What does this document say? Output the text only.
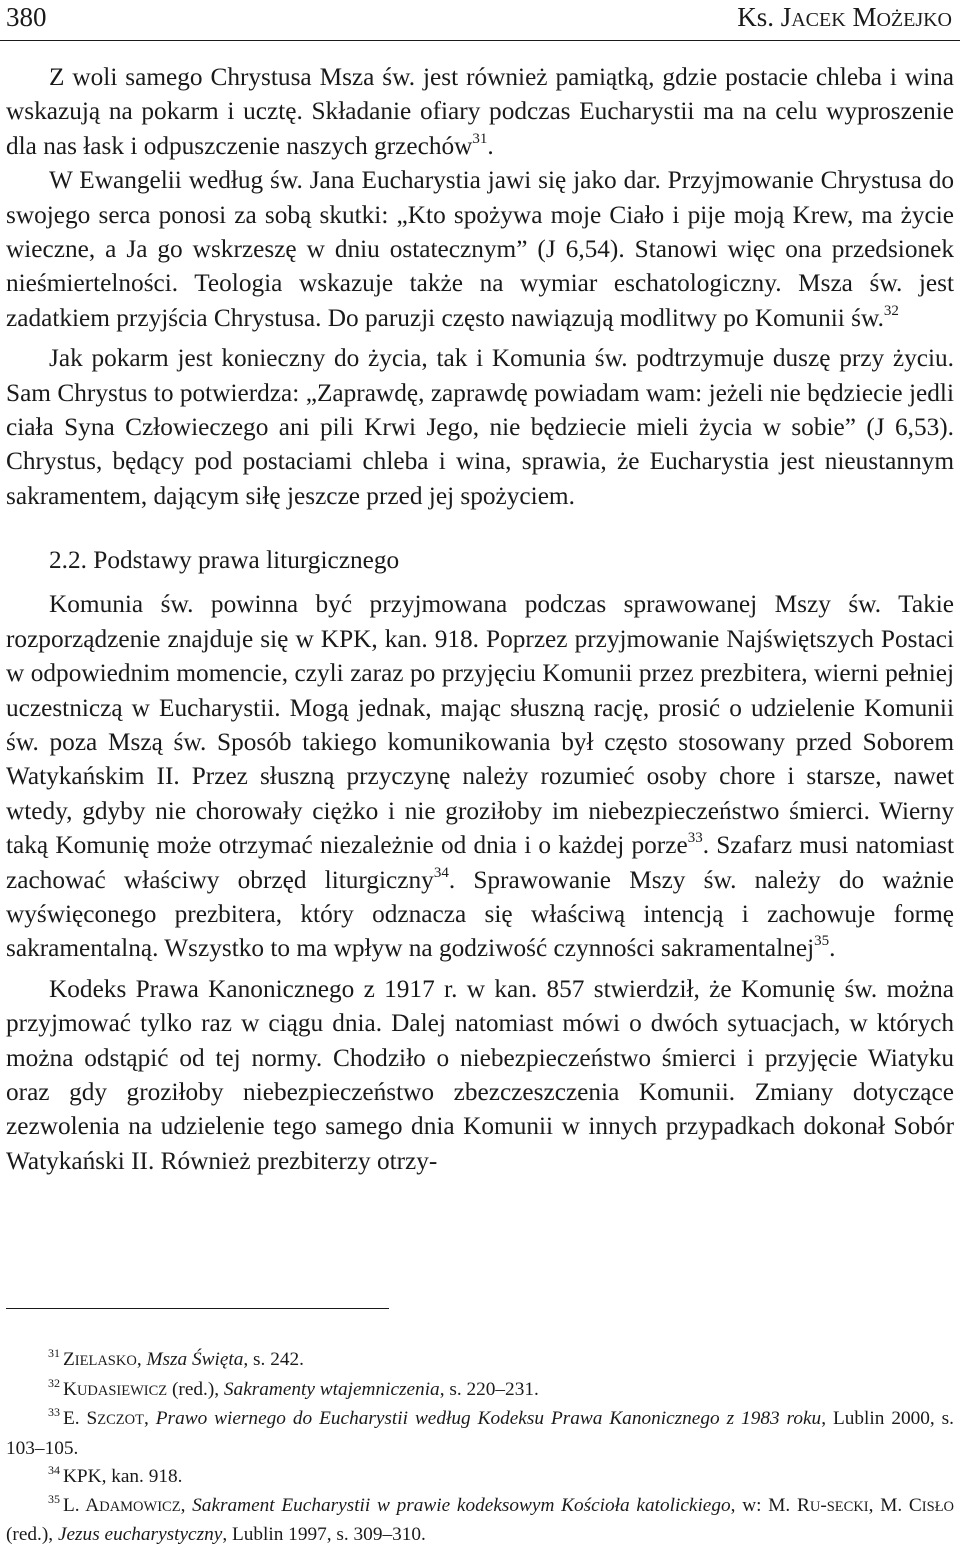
380	Ks. JACEK MOŻEJKO

Z woli samego Chrystusa Msza św. jest również pamiątką, gdzie postacie chleba i wina wskazują na pokarm i ucztę. Składanie ofiary podczas Eucharystii ma na celu wyproszenie dla nas łask i odpuszczenie naszych grzechów$^{31}$.

W Ewangelii według św. Jana Eucharystia jawi się jako dar. Przyjmowanie Chrystusa do swojego serca ponosi za sobą skutki: „Kto spożywa moje Ciało i pije moją Krew, ma życie wieczne, a Ja go wskrzeszę w dniu ostatecznym” (J 6,54). Stanowi więc ona przedsionek nieśmiertelności. Teologia wskazuje także na wymiar eschatologiczny. Msza św. jest zadatkiem przyjścia Chrystusa. Do paruzji często nawiązują modlitwy po Komunii św.$^{32}$

Jak pokarm jest konieczny do życia, tak i Komunia św. podtrzymuje duszę przy życiu. Sam Chrystus to potwierdza: „Zaprawdę, zaprawdę powiadam wam: jeżeli nie będziecie jedli ciała Syna Człowieczego ani pili Krwi Jego, nie będziecie mieli życia w sobie” (J 6,53). Chrystus, będący pod postaciami chleba i wina, sprawia, że Eucharystia jest nieustannym sakramentem, dającym siłę jeszcze przed jej spożyciem.

2.2. Podstawy prawa liturgicznego

Komunia św. powinna być przyjmowana podczas sprawowanej Mszy św. Takie rozporządzenie znajduje się w KPK, kan. 918. Poprzez przyjmowanie Najświętszych Postaci w odpowiednim momencie, czyli zaraz po przyjęciu Komunii przez prezbitera, wierni pełniej uczestniczą w Eucharystii. Mogą jednak, mając słuszną rację, prosić o udzielenie Komunii św. poza Mszą św. Sposób takiego komunikowania był często stosowany przed Soborem Watykańskim II. Przez słuszną przyczynę należy rozumieć osoby chore i starsze, nawet wtedy, gdyby nie chorowały ciężko i nie groziłoby im niebezpieczeństwo śmierci. Wierny taką Komunię może otrzymać niezależnie od dnia i o każdej porze$^{33}$. Szafarz musi natomiast zachować właściwy obrzęd liturgiczny$^{34}$. Sprawowanie Mszy św. należy do ważnie wyświęconego prezbitera, który odznacza się właściwą intencją i zachowuje formę sakramentalną. Wszystko to ma wpływ na godziwość czynności sakramentalnej$^{35}$.

Kodeks Prawa Kanonicznego z 1917 r. w kan. 857 stwierdził, że Komunię św. można przyjmować tylko raz w ciągu dnia. Dalej natomiast mówi o dwóch sytuacjach, w których można odstąpić od tej normy. Chodziło o niebezpieczeństwo śmierci i przyjęcie Wiatyku oraz gdy groziłoby niebezpieczeństwo zbezczeszczenia Komunii. Zmiany dotyczące zezwolenia na udzielenie tego samego dnia Komunii w innych przypadkach dokonał Sobór Watykański II. Również prezbiterzy otrzy-

$^{31}$ ZIELASKO, Msza Święta, s. 242.

$^{32}$ KUDASIEWICZ (red.), Sakramenty wtajemniczenia, s. 220–231.

$^{33}$ E. SZCZOT, Prawo wiernego do Eucharystii według Kodeksu Prawa Kanonicznego z 1983 roku, Lublin 2000, s. 103–105.

$^{34}$ KPK, kan. 918.

$^{35}$ L. ADAMOWICZ, Sakrament Eucharystii w prawie kodeksowym Kościoła katolickiego, w: M. RU-SECKI, M. CISŁO (red.), Jezus eucharystyczny, Lublin 1997, s. 309–310.
